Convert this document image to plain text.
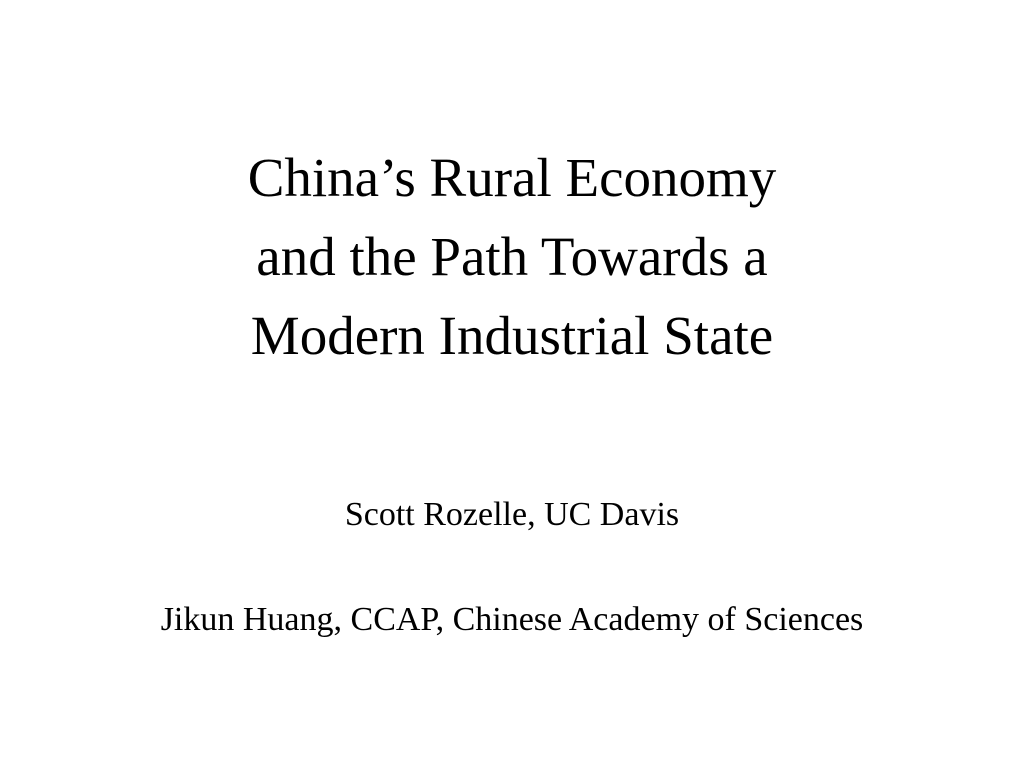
China’s Rural Economy
and the Path Towards a
Modern Industrial State
Scott Rozelle, UC Davis
Jikun Huang, CCAP, Chinese Academy of Sciences
